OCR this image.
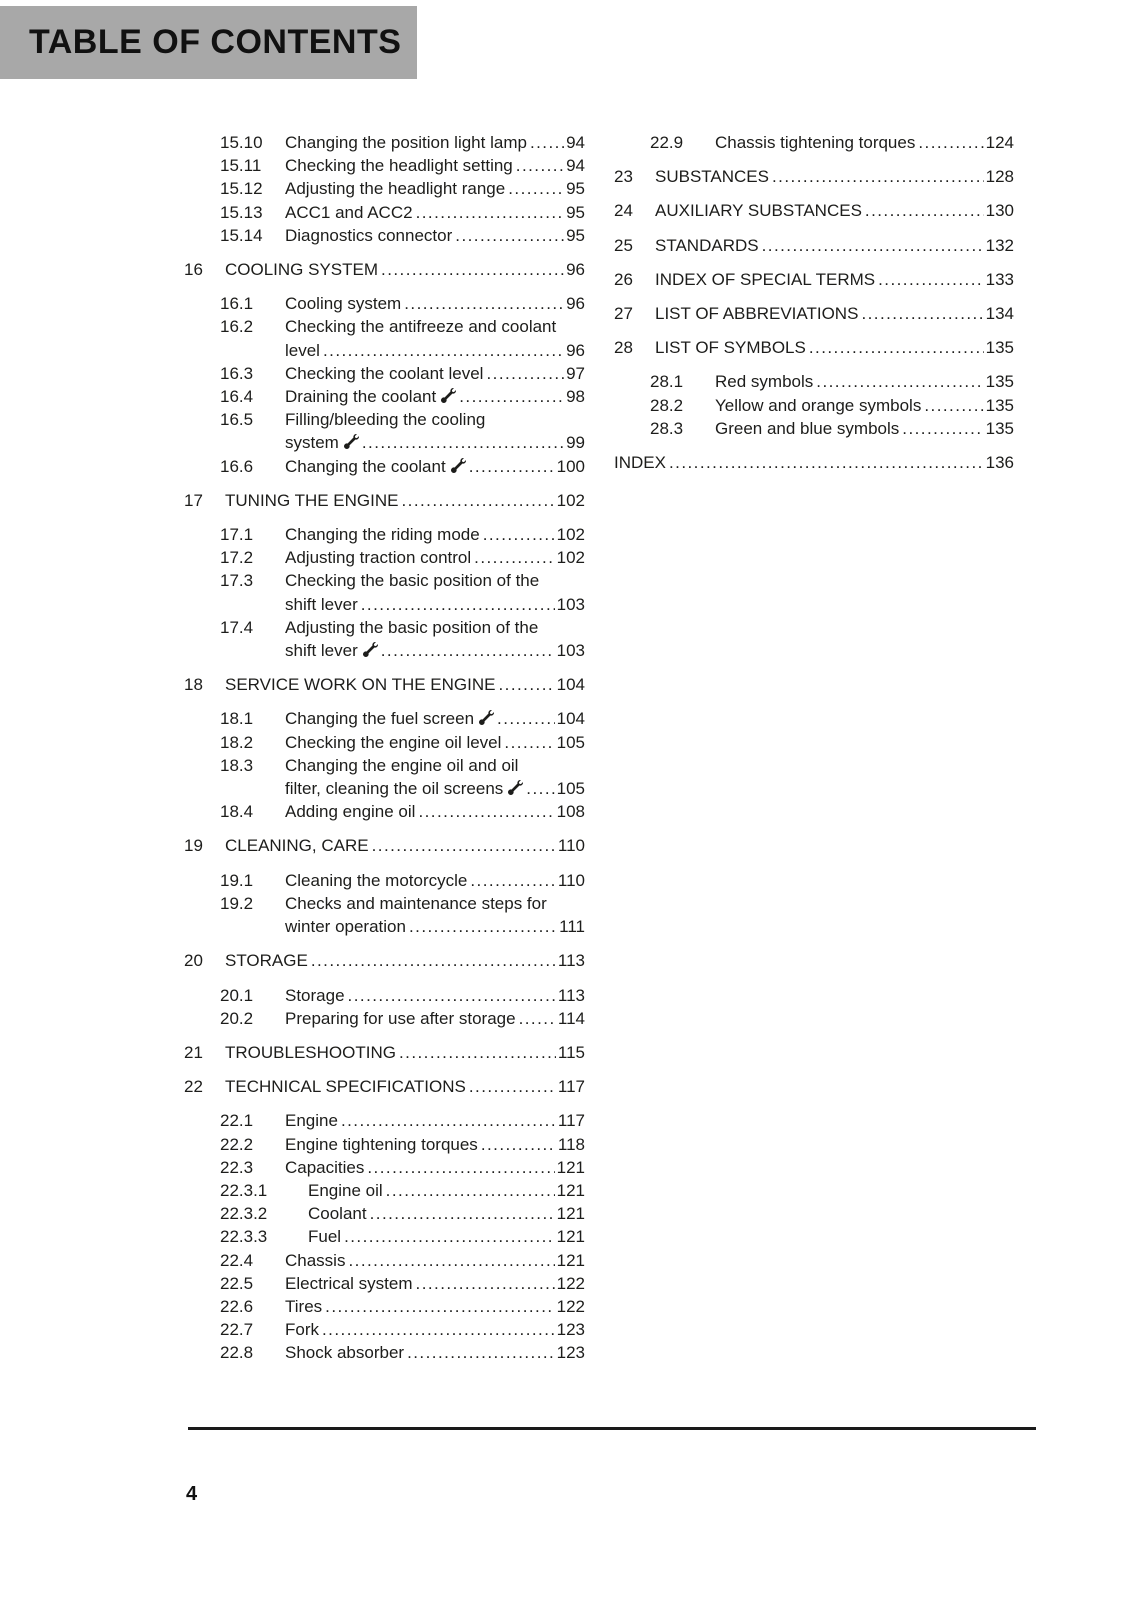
TABLE OF CONTENTS
15.10 Changing the position light lamp ..... 94
15.11 Checking the headlight setting .....	94
15.12 Adjusting the headlight range .....	95
15.13 ACC1 and ACC2 .....	95
15.14 Diagnostics connector .....	95
16 COOLING SYSTEM .....	96
16.1 Cooling system .....	96
16.2 Checking the antifreeze and coolant
level .....	96
16.3 Checking the coolant level .....	97
16.4 Draining the coolant .....	98
16.5 Filling/bleeding the cooling
system .....	99
16.6 Changing the coolant .....	100
17 TUNING THE ENGINE .....	102
17.1 Changing the riding mode .....	102
17.2 Adjusting traction control .....	102
17.3 Checking the basic position of the
shift lever .....	103
17.4 Adjusting the basic position of the
shift lever .....	103
18 SERVICE WORK ON THE ENGINE .....	104
18.1 Changing the fuel screen .....	104
18.2 Checking the engine oil level .....	105
18.3 Changing the engine oil and oil
filter, cleaning the oil screens .....	105
18.4 Adding engine oil .....	108
19 CLEANING, CARE .....	110
19.1 Cleaning the motorcycle .....	110
19.2 Checks and maintenance steps for
winter operation .....	111
20 STORAGE .....	113
20.1 Storage .....	113
20.2 Preparing for use after storage ..... 114
21 TROUBLESHOOTING .....	115
22 TECHNICAL SPECIFICATIONS .....	117
22.1 Engine .....	117
22.2 Engine tightening torques .....	118
22.3 Capacities .....	121
22.3.1 Engine oil .....	121
22.3.2 Coolant .....	121
22.3.3 Fuel .....	121
22.4 Chassis .....	121
22.5 Electrical system .....	122
22.6 Tires .....	122
22.7 Fork .....	123
22.8 Shock absorber .....	123
22.9 Chassis tightening torques .....	124
23 SUBSTANCES .....	128
24 AUXILIARY SUBSTANCES .....	130
25 STANDARDS .....	132
26 INDEX OF SPECIAL TERMS .....	133
27 LIST OF ABBREVIATIONS .....	134
28 LIST OF SYMBOLS .....	135
28.1 Red symbols .....	135
28.2 Yellow and orange symbols .....	135
28.3 Green and blue symbols .....	135
INDEX .....	136
4
